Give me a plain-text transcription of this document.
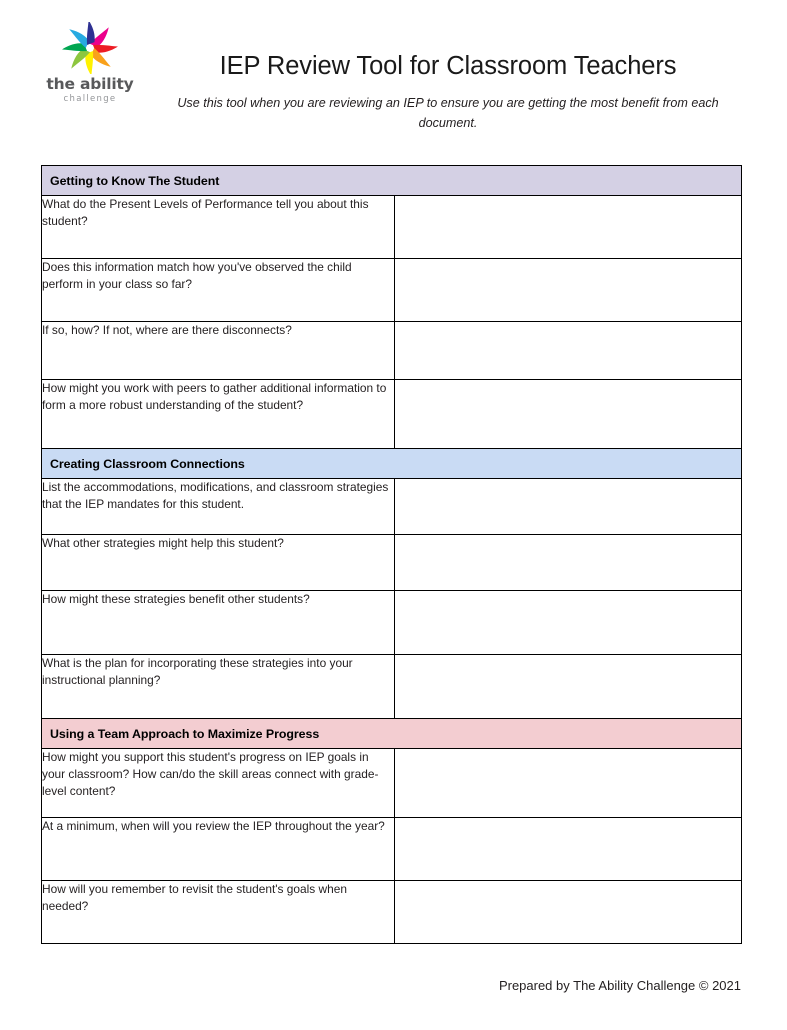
the ability
challenge
IEP Review Tool for Classroom Teachers
Use this tool when you are reviewing an IEP to ensure you are getting the most benefit from each document.
Getting to Know The Student	
What do the Present Levels of Performance tell you about this student?	
Does this information match how you've observed the child perform in your class so far?	
If so, how? If not, where are there disconnects?	
How might you work with peers to gather additional information to form a more robust understanding of the student?	
Creating Classroom Connections	
List the accommodations, modifications, and classroom strategies that the IEP mandates for this student.	
What other strategies might help this student?	
How might these strategies benefit other students?	
What is the plan for incorporating these strategies into your instructional planning?	
Using a Team Approach to Maximize Progress	
How might you support this student's progress on IEP goals in your classroom? How can/do the skill areas connect with grade-level content?	
At a minimum, when will you review the IEP throughout the year?	
How will you remember to revisit the student's goals when needed?	
Prepared by The Ability Challenge © 2021
